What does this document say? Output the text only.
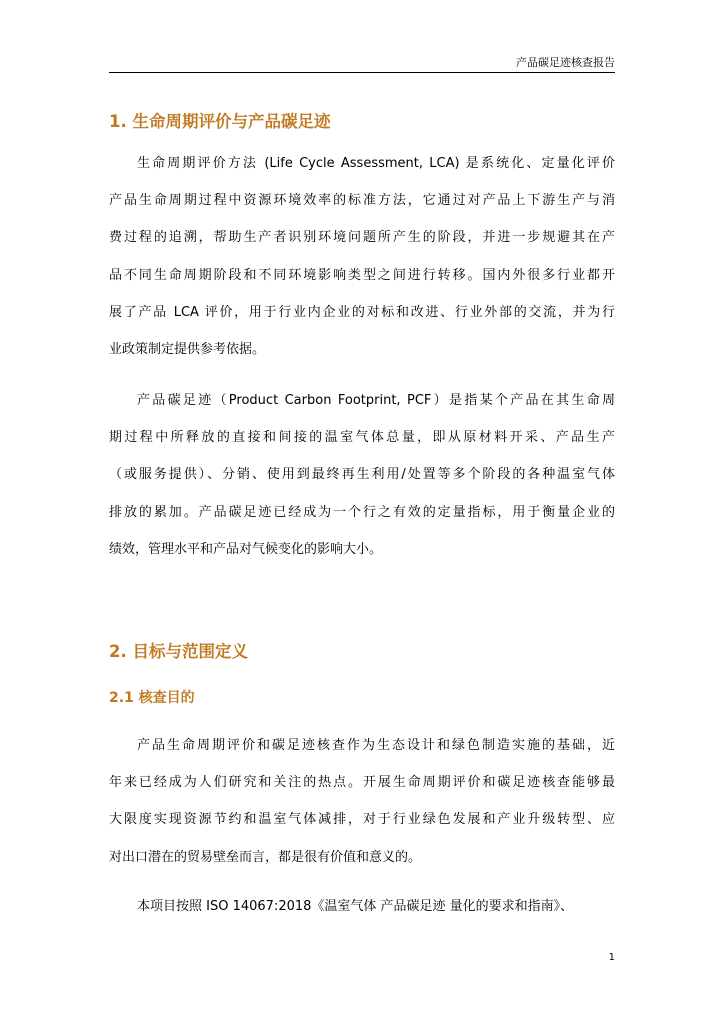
产品碳足迹核查报告
1. 生命周期评价与产品碳足迹
生命周期评价方法 (Life Cycle Assessment, LCA) 是系统化、定量化评价
产品生命周期过程中资源环境效率的标准方法，它通过对产品上下游生产与消
费过程的追溯，帮助生产者识别环境问题所产生的阶段，并进一步规避其在产
品不同生命周期阶段和不同环境影响类型之间进行转移。国内外很多行业都开
展了产品 LCA 评价，用于行业内企业的对标和改进、行业外部的交流，并为行
业政策制定提供参考依据。
产品碳足迹（Product Carbon Footprint, PCF）是指某个产品在其生命周
期过程中所释放的直接和间接的温室气体总量，即从原材料开采、产品生产
（或服务提供）、分销、使用到最终再生利用/处置等多个阶段的各种温室气体
排放的累加。产品碳足迹已经成为一个行之有效的定量指标，用于衡量企业的
绩效，管理水平和产品对气候变化的影响大小。
2. 目标与范围定义
2.1 核查目的
产品生命周期评价和碳足迹核查作为生态设计和绿色制造实施的基础，近
年来已经成为人们研究和关注的热点。开展生命周期评价和碳足迹核查能够最
大限度实现资源节约和温室气体减排，对于行业绿色发展和产业升级转型、应
对出口潜在的贸易壁垒而言，都是很有价值和意义的。
本项目按照 ISO 14067:2018《温室气体 产品碳足迹 量化的要求和指南》、
1
